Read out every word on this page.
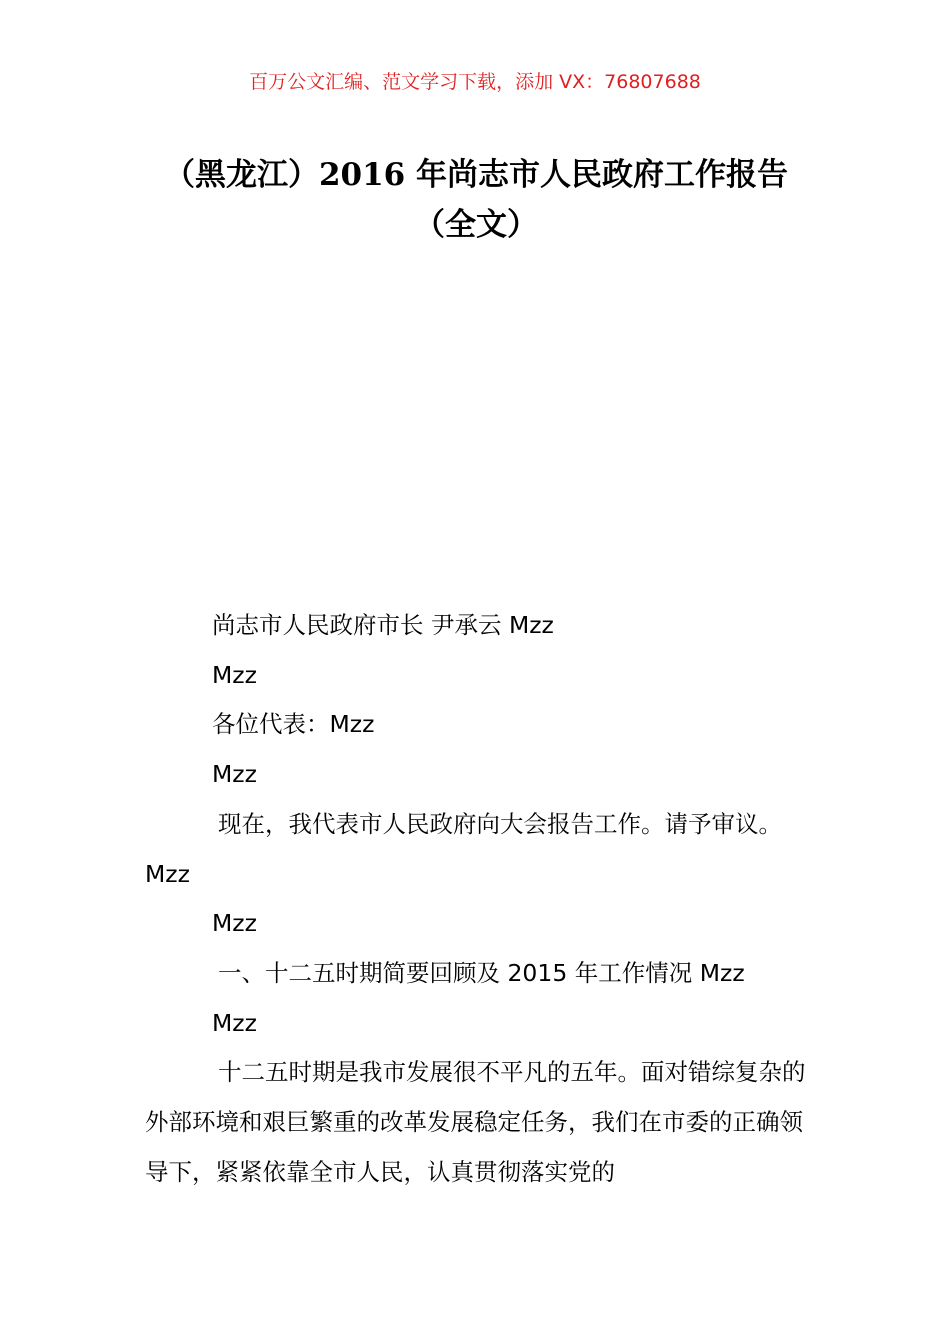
百万公文汇编、范文学习下载，添加 VX：76807688
（黑龙江）2016 年尚志市人民政府工作报告（全文）

尚志市人民政府市长 尹承云 Mzz

Mzz

各位代表：Mzz

Mzz

现在，我代表市人民政府向大会报告工作。请予审议。Mzz

Mzz

一、十二五时期简要回顾及 2015 年工作情况 Mzz

Mzz

十二五时期是我市发展很不平凡的五年。面对错综复杂的外部环境和艰巨繁重的改革发展稳定任务，我们在市委的正确领导下，紧紧依靠全市人民，认真贯彻落实党的
